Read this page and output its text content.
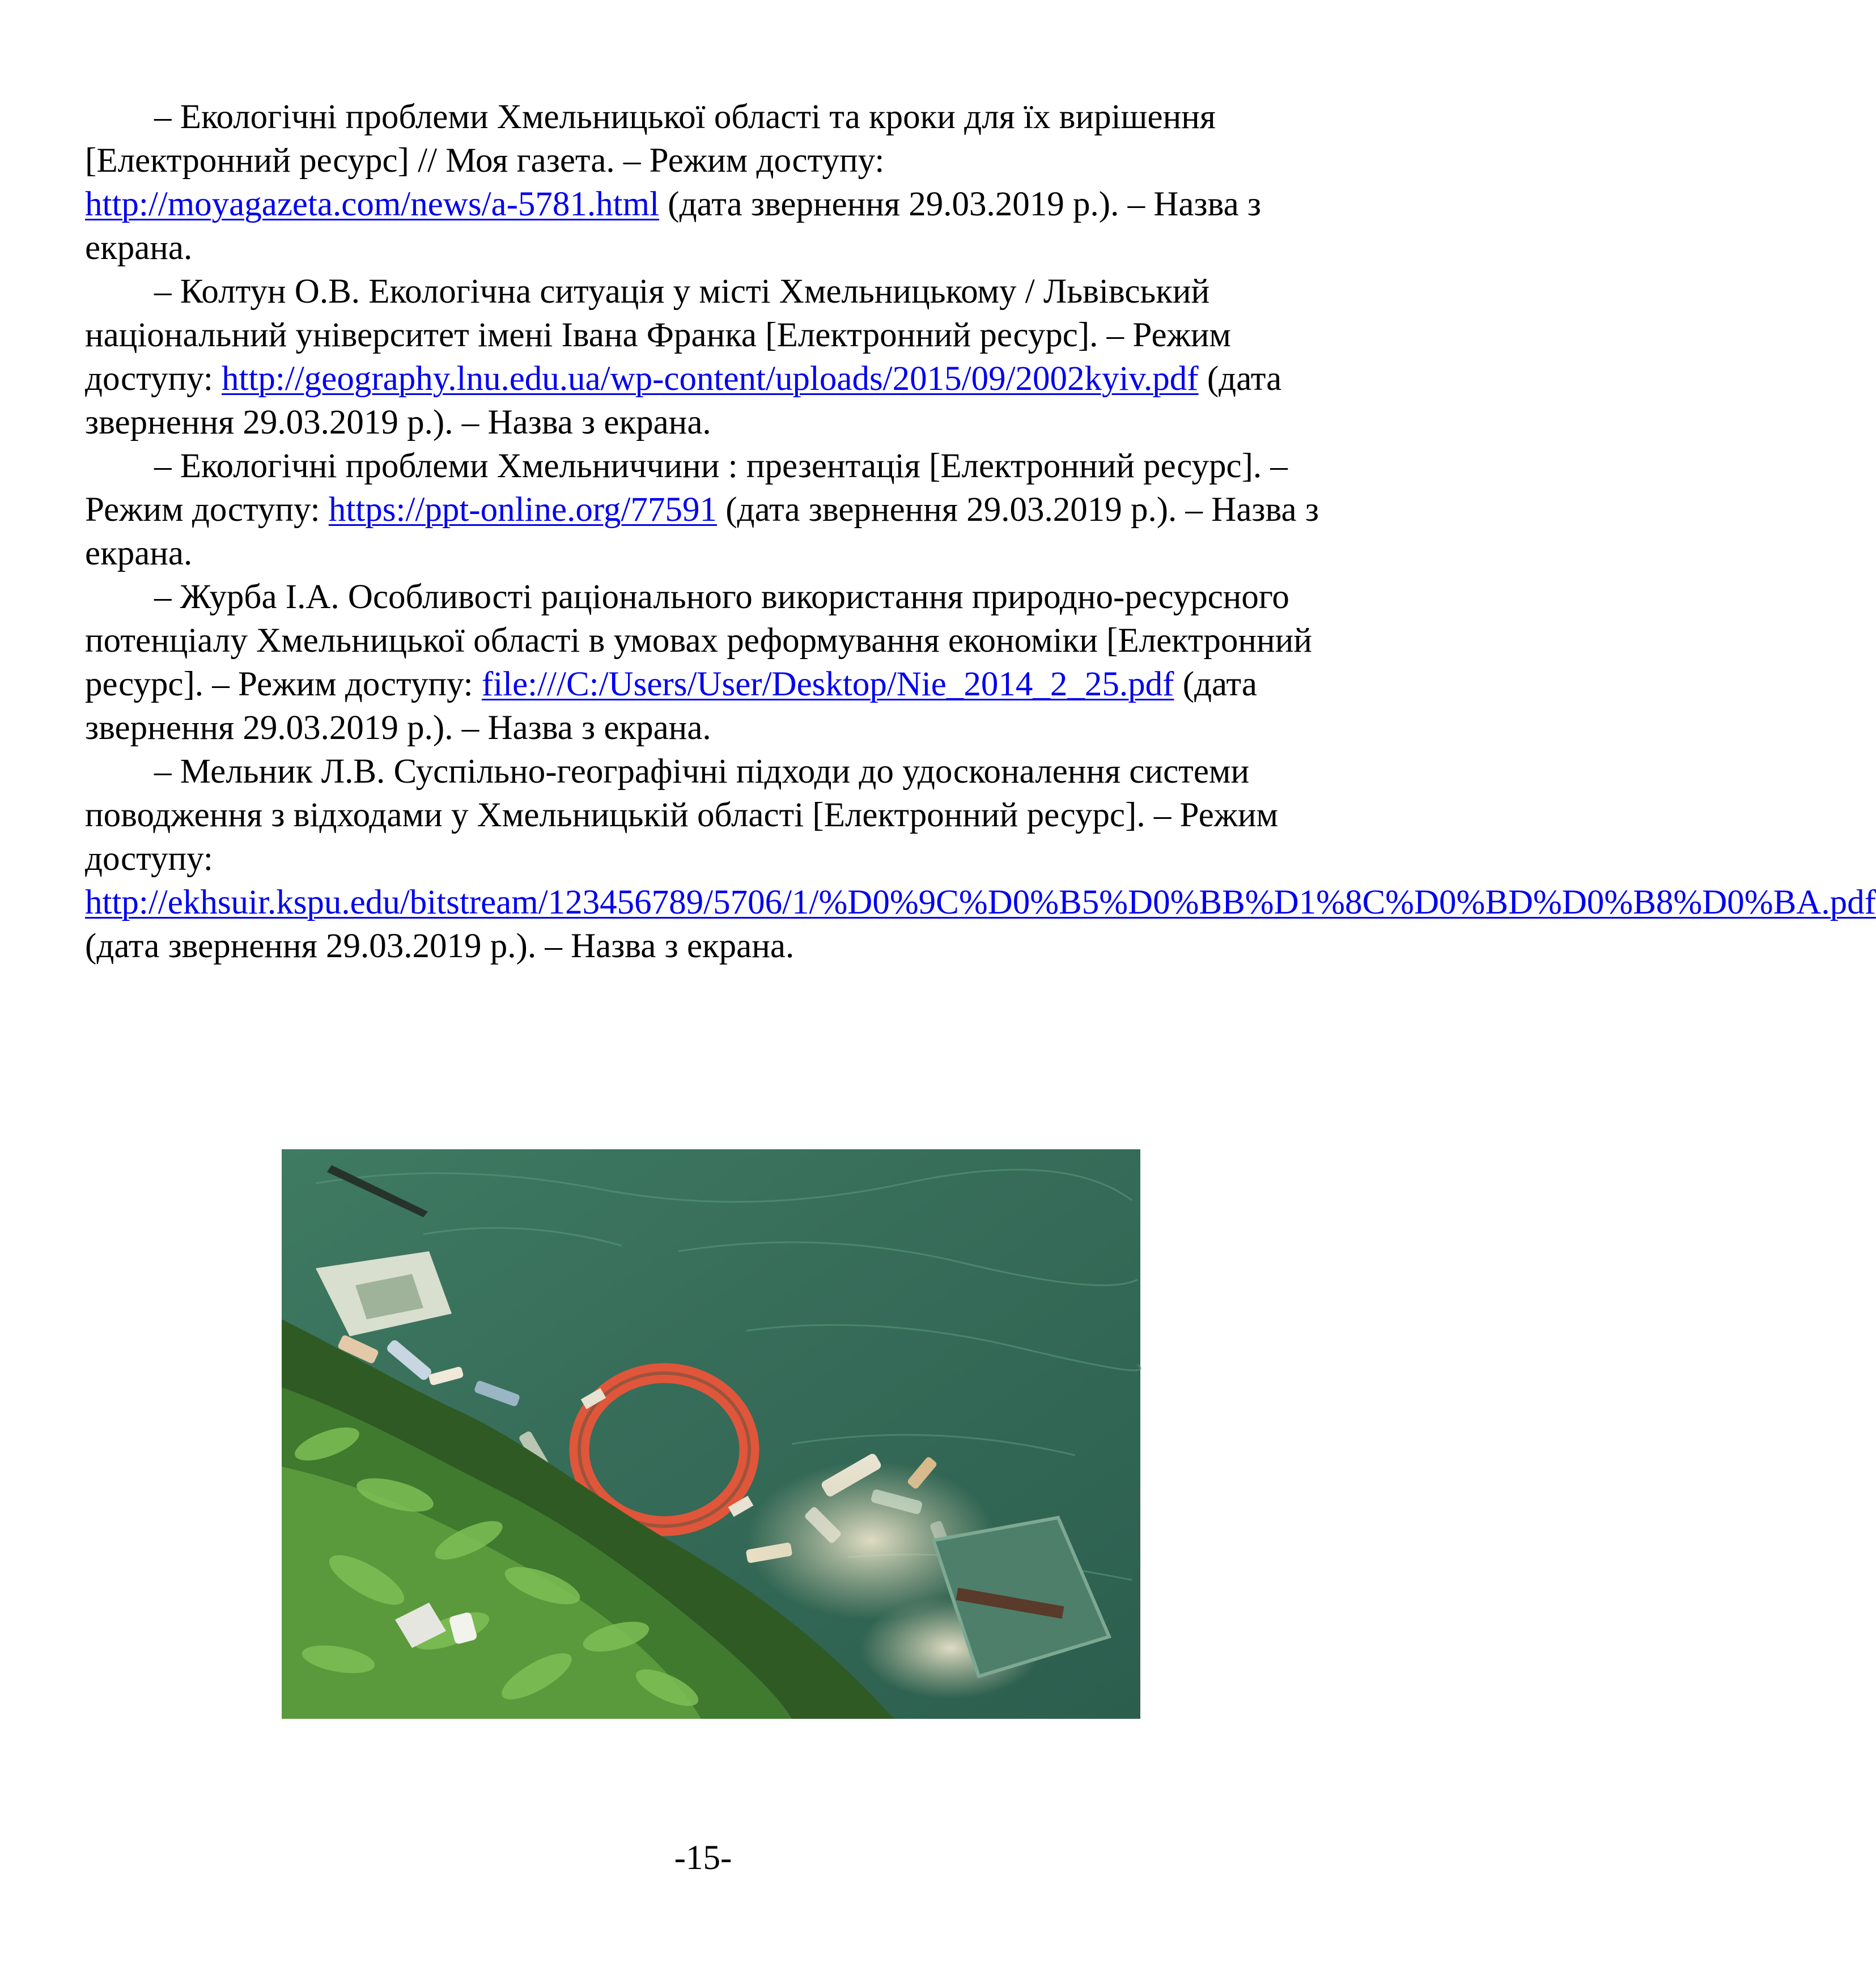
– Екологічні проблеми Хмельницької області та кроки для їх вирішення [Електронний ресурс] // Моя газета. – Режим доступу: http://moyagazeta.com/news/a-5781.html (дата звернення 29.03.2019 р.). – Назва з екрана.

– Колтун О.В. Екологічна ситуація у місті Хмельницькому / Львівський національний університет імені Івана Франка [Електронний ресурс]. – Режим доступу: http://geography.lnu.edu.ua/wp-content/uploads/2015/09/2002kyiv.pdf (дата звернення 29.03.2019 р.). – Назва з екрана.

– Екологічні проблеми Хмельниччини : презентація [Електронний ресурс]. – Режим доступу: https://ppt-online.org/77591 (дата звернення 29.03.2019 р.). – Назва з екрана.

– Журба І.А. Особливості раціонального використання природно-ресурсного потенціалу Хмельницької області в умовах реформування економіки [Електронний ресурс]. – Режим доступу: file:///C:/Users/User/Desktop/Nie_2014_2_25.pdf (дата звернення 29.03.2019 р.). – Назва з екрана.

– Мельник Л.В. Суспільно-географічні підходи до удосконалення системи поводження з відходами у Хмельницькій області [Електронний ресурс]. – Режим доступу: http://ekhsuir.kspu.edu/bitstream/123456789/5706/1/%D0%9C%D0%B5%D0%BB%D1%8C%D0%BD%D0%B8%D0%BA.pdf (дата звернення 29.03.2019 р.). – Назва з екрана.

-15-
